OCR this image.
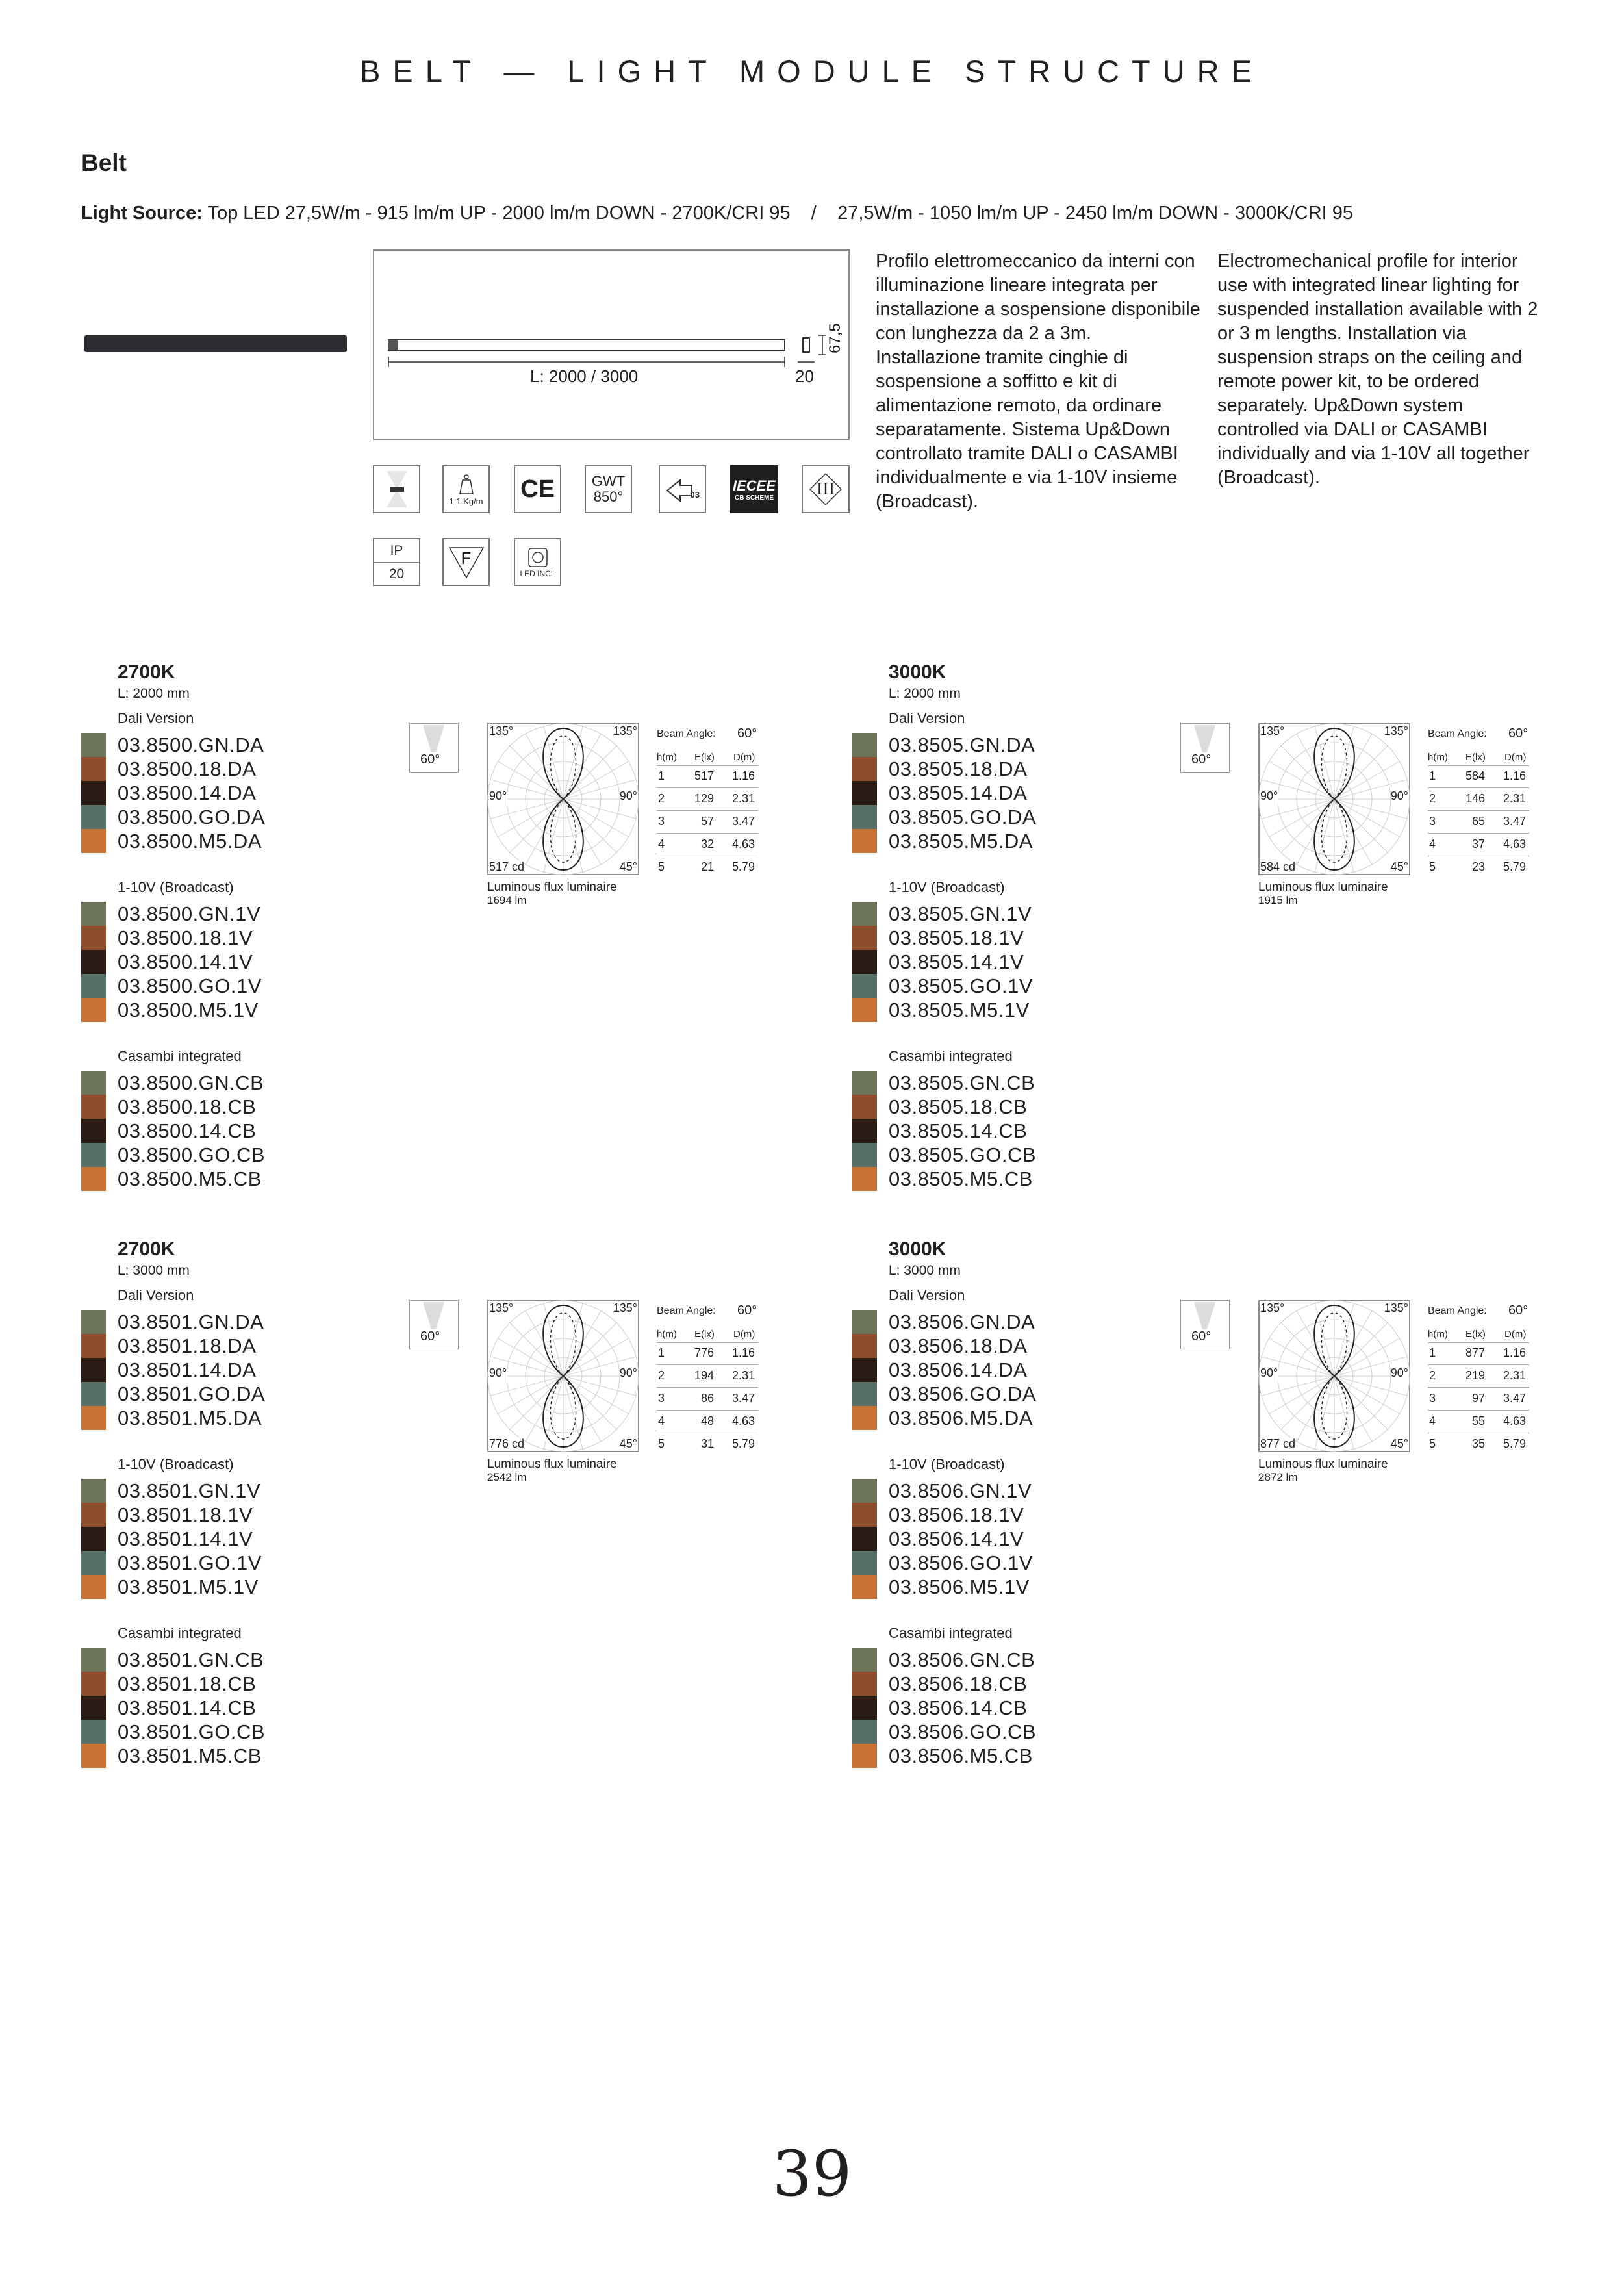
BELT — LIGHT MODULE STRUCTURE
Belt
Light Source: Top LED 27,5W/m - 915 lm/m UP - 2000 lm/m DOWN - 2700K/CRI 95    /    27,5W/m - 1050 lm/m UP - 2450 lm/m DOWN - 3000K/CRI 95
L: 2000 / 3000	20
67,5
Profilo elettromeccanico da interni con illuminazione lineare integrata per installazione a sospensione disponibile con lunghezza da 2 a 3m. Installazione tramite cinghie di sospensione a soffitto e kit di alimentazione remoto, da ordinare separatamente. Sistema Up&Down controllato tramite DALI o CASAMBI individualmente e via 1-10V insieme (Broadcast).
Electromechanical profile for interior use with integrated linear lighting for suspended installation available with 2 or 3 m lengths. Installation via suspension straps on the ceiling and remote power kit, to be ordered separately. Up&Down system controlled via DALI or CASAMBI individually and via 1-10V all together (Broadcast).
1,1 Kg/m CE	GWT
850°	03
IECEE
CB SCHEME	III
IP
20
F
LED INCL
2700K
L: 2000 mm
Dali Version
03.8500.GN.DA
03.8500.18.DA
03.8500.14.DA
03.8500.GO.DA
03.8500.M5.DA
1-10V (Broadcast)
03.8500.GN.1V
03.8500.18.1V
03.8500.14.1V
03.8500.GO.1V
03.8500.M5.1V
Casambi integrated
03.8500.GN.CB
03.8500.18.CB
03.8500.14.CB
03.8500.GO.CB
03.8500.M5.CB
60°
135°	135°
90°	90°
517 cd	45°
Luminous flux luminaire
1694 lm
Beam Angle: 60°
h(m) E(lx) D(m)
1	517 1.16
2	129 2.31
3	57 3.47
4	32 4.63
5	21 5.79
3000K
L: 2000 mm
Dali Version
03.8505.GN.DA
03.8505.18.DA
03.8505.14.DA
03.8505.GO.DA
03.8505.M5.DA
1-10V (Broadcast)
03.8505.GN.1V
03.8505.18.1V
03.8505.14.1V
03.8505.GO.1V
03.8505.M5.1V
Casambi integrated
03.8505.GN.CB
03.8505.18.CB
03.8505.14.CB
03.8505.GO.CB
03.8505.M5.CB
60°
135°	135°
90°	90°
584 cd	45°
Luminous flux luminaire
1915 lm
Beam Angle: 60°
h(m) E(lx) D(m)
1	584 1.16
2	146 2.31
3	65 3.47
4	37 4.63
5	23 5.79
2700K
L: 3000 mm
Dali Version
03.8501.GN.DA
03.8501.18.DA
03.8501.14.DA
03.8501.GO.DA
03.8501.M5.DA
1-10V (Broadcast)
03.8501.GN.1V
03.8501.18.1V
03.8501.14.1V
03.8501.GO.1V
03.8501.M5.1V
Casambi integrated
03.8501.GN.CB
03.8501.18.CB
03.8501.14.CB
03.8501.GO.CB
03.8501.M5.CB
60°
135°	135°
90°	90°
776 cd	45°
Luminous flux luminaire
2542 lm
Beam Angle: 60°
h(m) E(lx) D(m)
1	776 1.16
2	194 2.31
3	86 3.47
4	48 4.63
5	31 5.79
3000K
L: 3000 mm
Dali Version
03.8506.GN.DA
03.8506.18.DA
03.8506.14.DA
03.8506.GO.DA
03.8506.M5.DA
1-10V (Broadcast)
03.8506.GN.1V
03.8506.18.1V
03.8506.14.1V
03.8506.GO.1V
03.8506.M5.1V
Casambi integrated
03.8506.GN.CB
03.8506.18.CB
03.8506.14.CB
03.8506.GO.CB
03.8506.M5.CB
60°
135°	135°
90°	90°
877 cd	45°
Luminous flux luminaire
2872 lm
Beam Angle: 60°
h(m) E(lx) D(m)
1	877 1.16
2	219 2.31
3	97 3.47
4	55 4.63
5	35 5.79
39
